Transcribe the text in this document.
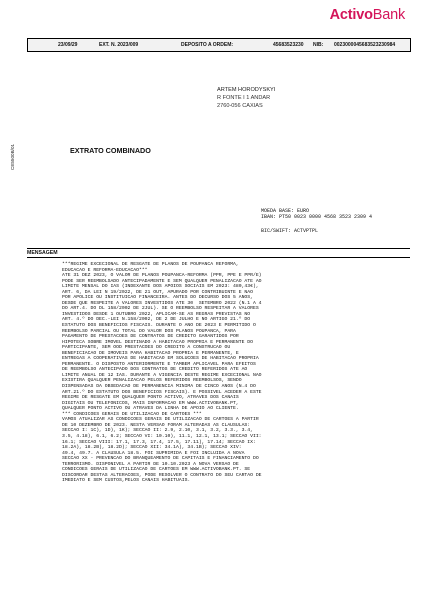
ActivoBank
23/09/29	EXT. N. 2023/009	DEPOSITO A ORDEM:	45683523230 NIB: 0023000045683523230984
ARTEM HORODYSKYI
R FONTE I 1 ANDAR
2760-056 CAXIAS
EXTRATO COMBINADO
CE5500B/01
MOEDA BASE: EURO
IBAN: PT50 0023 0000 4568 3523 2309 4
BIC/SWIFT: ACTVPTPL
MENSAGEM
***REGIME EXCECIONAL DE RESGATE DE PLANOS DE POUPANCA REFORMA,
EDUCACAO E REFORMA-EDUCACAO***
ATE 31 DEZ 2023, O VALOR DE PLANOS POUPANCA-REFORMA (PPR, PPE E PPR/E)
PODE SER REEMBOLSADO ANTECIPADAMENTE E SEM QUALQUER PENALIZACAO ATE AO
LIMITE MENSAL DO IAS (INDEXANTE DOS APOIOS SOCIAIS EM 2023: 480,43€),
ART. 6, DA LEI N 19/2022, DE 21 OUT, APURADO POR CONTRIBUINTE E NAO
POR APOLICE OU INSTITUICAO FINANCEIRA. ANTES DO DECURSO DOS 5 ANOS,
DESDE QUE RESPEITE A VALORES INVESTIDOS ATE 30  SETEMBRO 2022 (N.1 A 4
DO ART.4. DO DL 158/2002 DE 2JUL). SE O REEMBOLSO RESPEITAR A VALORES
INVESTIDOS DESDE 1 OUTUBRO 2022, APLICAM-SE AS REGRAS PREVISTAS NO
ART. 4.º DO DEC.-LEI N.158/2002, DE 2 DE JULHO E NO ARTIGO 21.º DO
ESTATUTO DOS BENEFICIOS FISCAIS. DURANTE O ANO DE 2023 E PERMITIDO O
REEMBOLSO PARCIAL OU TOTAL DO VALOR DOS PLANOS POUPANCA, PARA
PAGAMENTO DE PRESTACOES DE CONTRATOS DE CREDITO GARANTIDOS POR
HIPOTECA SOBRE IMOVEL DESTINADO A HABITACAO PROPRIA E PERMANENTE DO
PARTICIPANTE, SEM OOD PRESTACOES DO CREDITO A CONSTRUCAO OU
BENEFICIACAO DE IMOVEIS PARA HABITACAO PROPRIA E PERMANENTE, E
ENTREGAS A COOPERATIVAS DE HABITACAO EM SOLUCOES DE HABITACAO PROPRIA
PERMANENTE. O DISPOSTO ANTERIORMENTE E TAMBEM APLICAVEL PARA EFEITOS
DE REEMBOLSO ANTECIPADO DOS CONTRATOS DE CREDITO REFERIDOS ATE AO
LIMITE ANUAL DE 12 IAS. DURANTE A VIGENCIA DESTE REGIME EXCECIONAL NAO
EXISTIRA QUALQUER PENALIZACAO PELOS REFERIDOS REEMBOLSOS, SENDO
DISPENSADAS DA OBSEDACAO DE PERMANENCIA MINIMA DE CINCO ANOS (N.4 DO
ART.21.º DO ESTATUTO DOS BENEFICIOS FISCAIS). E POSSIVEL ACEDER A ESTE
REGIME DE RESGATE EM QUALQUER PONTO ACTIVO, ATRAVES DOS CANAIS
DIGITAIS OU TELEFONICOS, MAIS INFORMACAO EM WWW.ACTIVOBANK.PT,
QUALQUER PONTO ACTIVO OU ATRAVES DA LINHA DE APOIO AO CLIENTE.
*** CONDICOES GERAIS DE UTILIZACAO DE CARTOES ***
VAMOS ATUALIZAR AS CONDICOES GERAIS DE UTILIZACAO DE CARTOES A PARTIR
DE 10 DEZEMBRO DE 2023. NESTA VERSAO FORAM ALTERADAS AS CLAUSULAS:
SECCAO I: 1C), 1D), 1K); SECCAO II: 2.9, 2.10, 3.1, 3.2, 3.3., 3.4,
3.5, 4.18), 6.1, 6.2; SECCAO VI: 10.10), 11.1, 12.1, 13.1; SECCAO VII:
16.1; SECCAO VIII: 17.1, 17.3, 17.4, 17.5, 17.11), 17.14; SECCAO IX:
18.2A), 18.2B), 18.2D); SECCAO XII: 34.1A), 34.1B); SECCAO XIV:
49.4, 49.7. A CLAUSULA 18.5. FOI SUPRIMIDA E FOI INCLUIDA A NOVA
SECCAO XX - PREVENCAO DO BRANQUEAMENTO DE CAPITAIS E FINANCIAMENTO DO
TERRORISMO. DISPONIVEL A PARTIR DE 10.10.2023 A NOVA VERSAO DE
CONDICOES GERAIS DE UTILIZACAO DE CARTOES EM WWW.ACTIVOBANK.PT. SE
DISCORDAR DESTAS ALTERACOES, PODE RESOLVER O CONTRATO DO SEU CARTAO DE
IMEDIATO E SEM CUSTOS,PELOS CANAIS HABITUAIS.
